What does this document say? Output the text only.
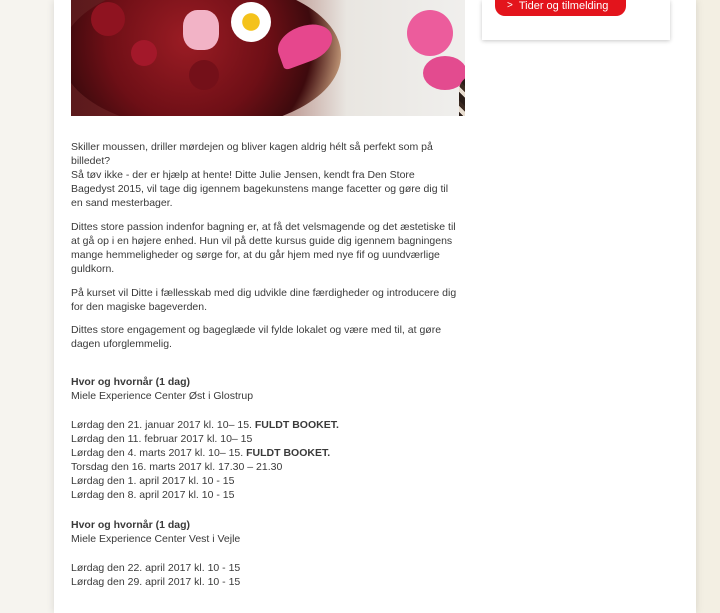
> Tider og tilmelding

Skiller moussen, driller mørdejen og bliver kagen aldrig hélt så perfekt som på

billedet?

Så tøv ikke - der er hjælp at hente! Ditte Julie Jensen, kendt fra Den Store

Bagedyst 2015, vil tage dig igennem bagekunstens mange facetter og gøre dig til

en sand mesterbager.

Dittes store passion indenfor bagning er, at få det velsmagende og det æstetiske til

at gå op i en højere enhed. Hun vil på dette kursus guide dig igennem bagningens

mange hemmeligheder og sørge for, at du går hjem med nye fif og uundværlige

guldkorn.

På kurset vil Ditte i fællesskab med dig udvikle dine færdigheder og introducere dig

for den magiske bageverden.

Dittes store engagement og bageglæde vil fylde lokalet og være med til, at gøre

dagen uforglemmelig.

Hvor og hvornår (1 dag)

Miele Experience Center Øst i Glostrup

Lørdag den 21. januar 2017 kl. 10– 15. FULDT BOOKET.

Lørdag den 11. februar 2017 kl. 10– 15

Lørdag den 4. marts 2017 kl. 10– 15. FULDT BOOKET.

Torsdag den 16. marts 2017 kl. 17.30 – 21.30

Lørdag den 1. april 2017 kl. 10 - 15

Lørdag den 8. april 2017 kl. 10 - 15

Hvor og hvornår (1 dag)

Miele Experience Center Vest i Vejle

Lørdag den 22. april 2017 kl. 10 - 15

Lørdag den 29. april 2017 kl. 10 - 15
